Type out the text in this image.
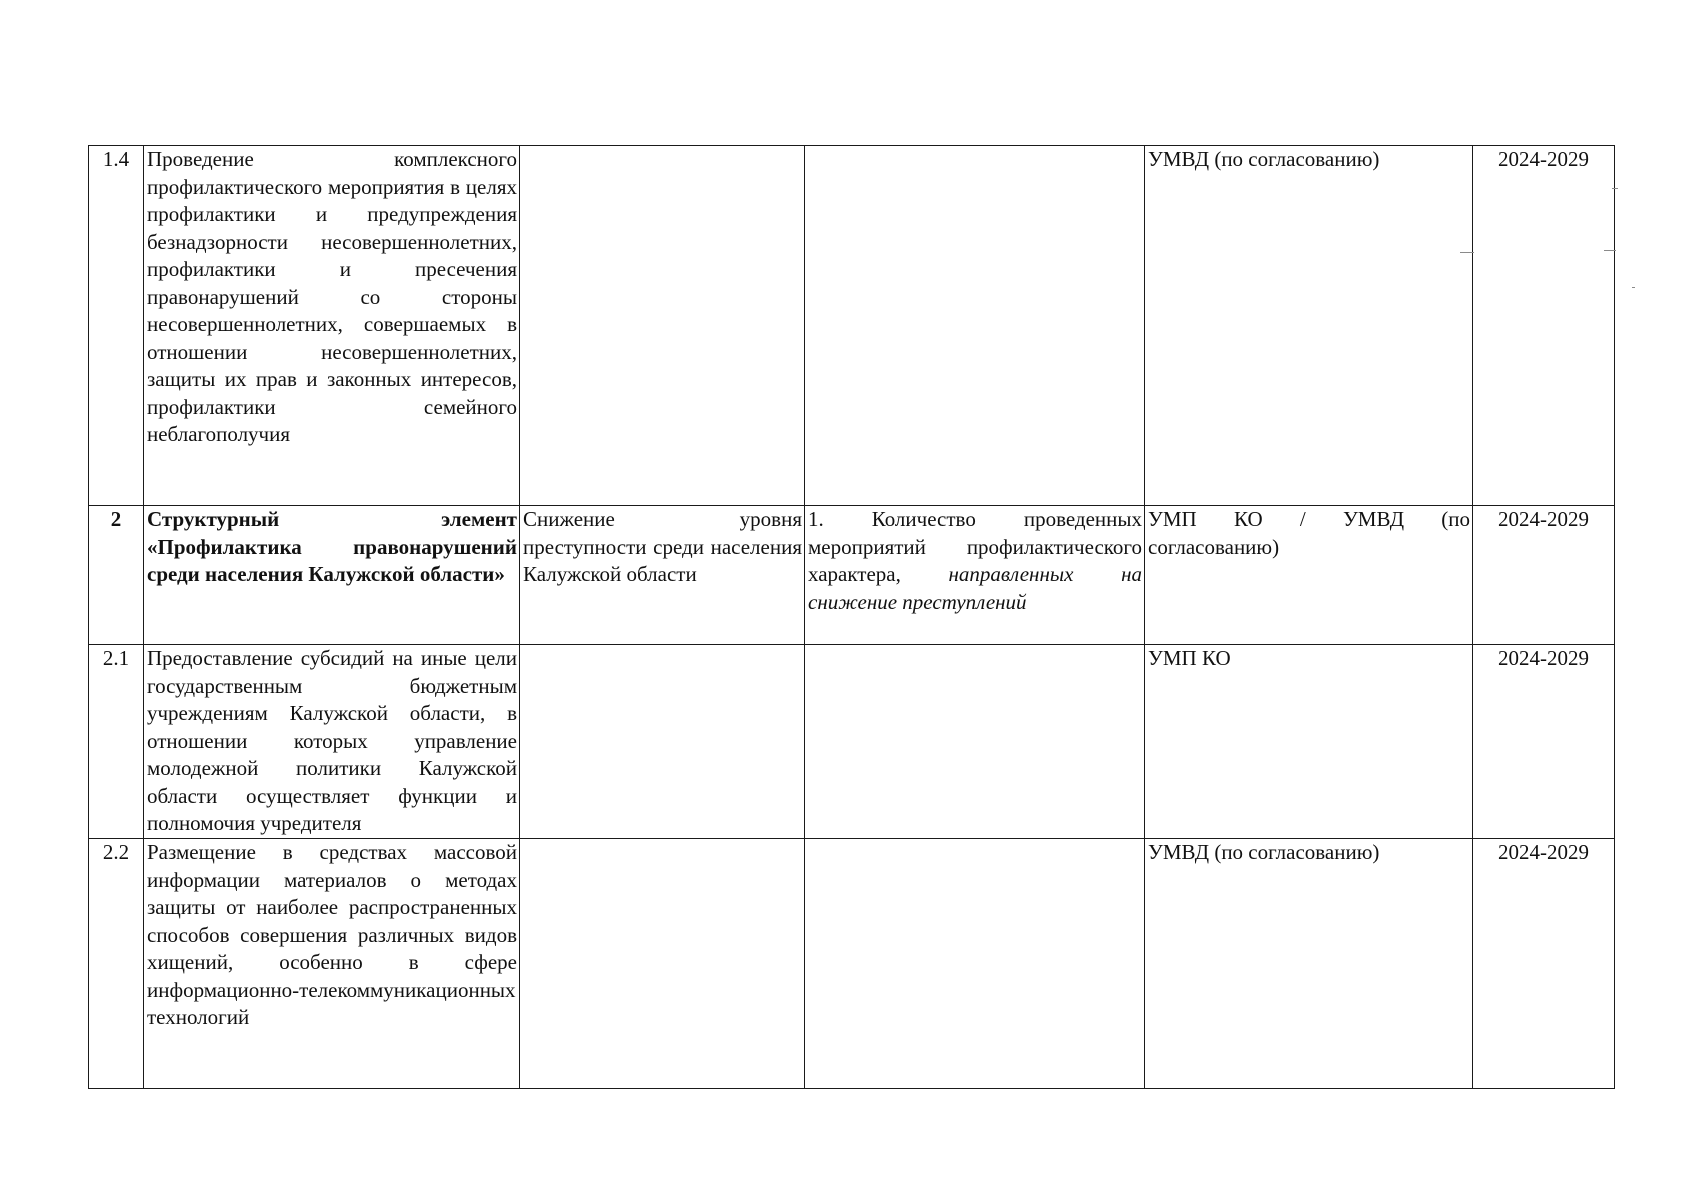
1.4	Проведение комплексного профилактического мероприятия в целях профилактики и предупреждения безнадзорности несовершеннолетних, профилактики и пресечения правонарушений со стороны несовершеннолетних, совершаемых в отношении несовершеннолетних, защиты их прав и законных интересов, профилактики семейного неблагополучия			УМВД (по согласованию)	2024-2029
2	Структурный элемент «Профилактика правонарушений среди населения Калужской области»	Снижение уровня преступности среди населения Калужской области	1. Количество проведенных мероприятий профилактического характера, направленных на снижение преступлений	УМП КО / УМВД (по согласованию)	2024-2029
2.1	Предоставление субсидий на иные цели государственным бюджетным учреждениям Калужской области, в отношении которых управление молодежной политики Калужской области осуществляет функции и полномочия учредителя			УМП КО	2024-2029
2.2	Размещение в средствах массовой информации материалов о методах защиты от наиболее распространенных способов совершения различных видов хищений, особенно в сфере информационно-телекоммуникационных технологий			УМВД (по согласованию)	2024-2029
